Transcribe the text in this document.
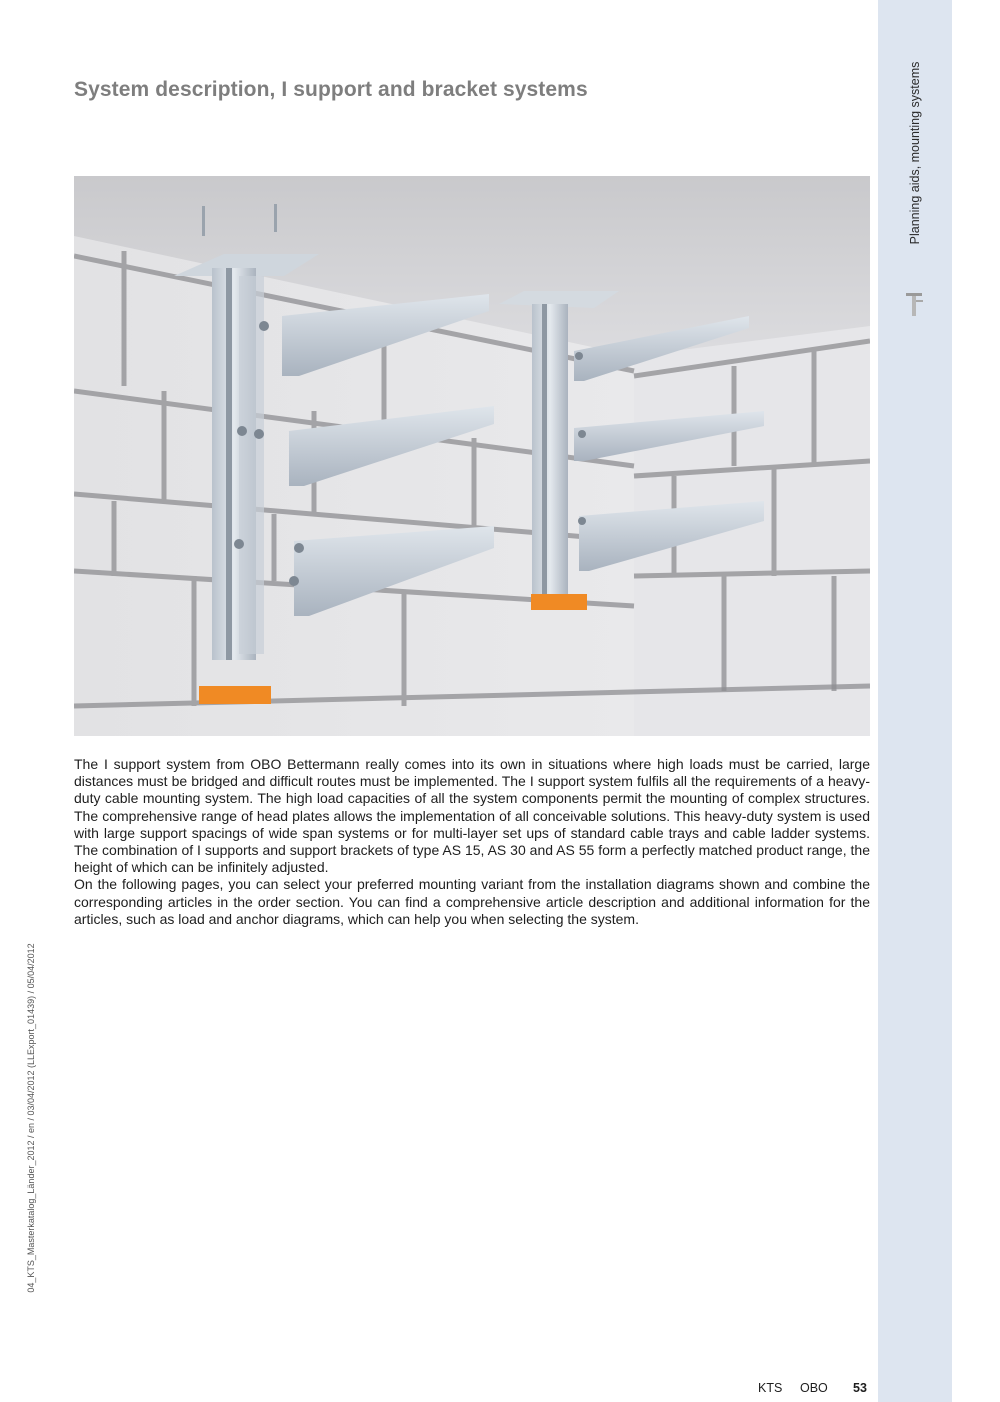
Planning aids, mounting systems
System description, I support and bracket systems

The I support system from OBO Bettermann really comes into its own in situations where high loads must be carried, large distances must be bridged and difficult routes must be implemented. The I support system fulfils all the requirements of a heavy-duty cable mounting system. The high load capacities of all the system components permit the mounting of complex structures. The comprehensive range of head plates allows the implementation of all conceivable solutions. This heavy-duty system is used with large support spacings of wide span systems or for multi-layer set ups of standard cable trays and cable ladder systems. The combination of I supports and support brackets of type AS 15, AS 30 and AS 55 form a perfectly matched product range, the height of which can be infinitely adjusted.

On the following pages, you can select your preferred mounting variant from the installation diagrams shown and combine the corresponding articles in the order section. You can find a comprehensive article description and additional information for the articles, such as load and anchor diagrams, which can help you when selecting the system.

04_KTS_Masterkatalog_Länder_2012 / en / 03/04/2012 (LLExport_01439) / 05/04/2012
KTS OBO 53
